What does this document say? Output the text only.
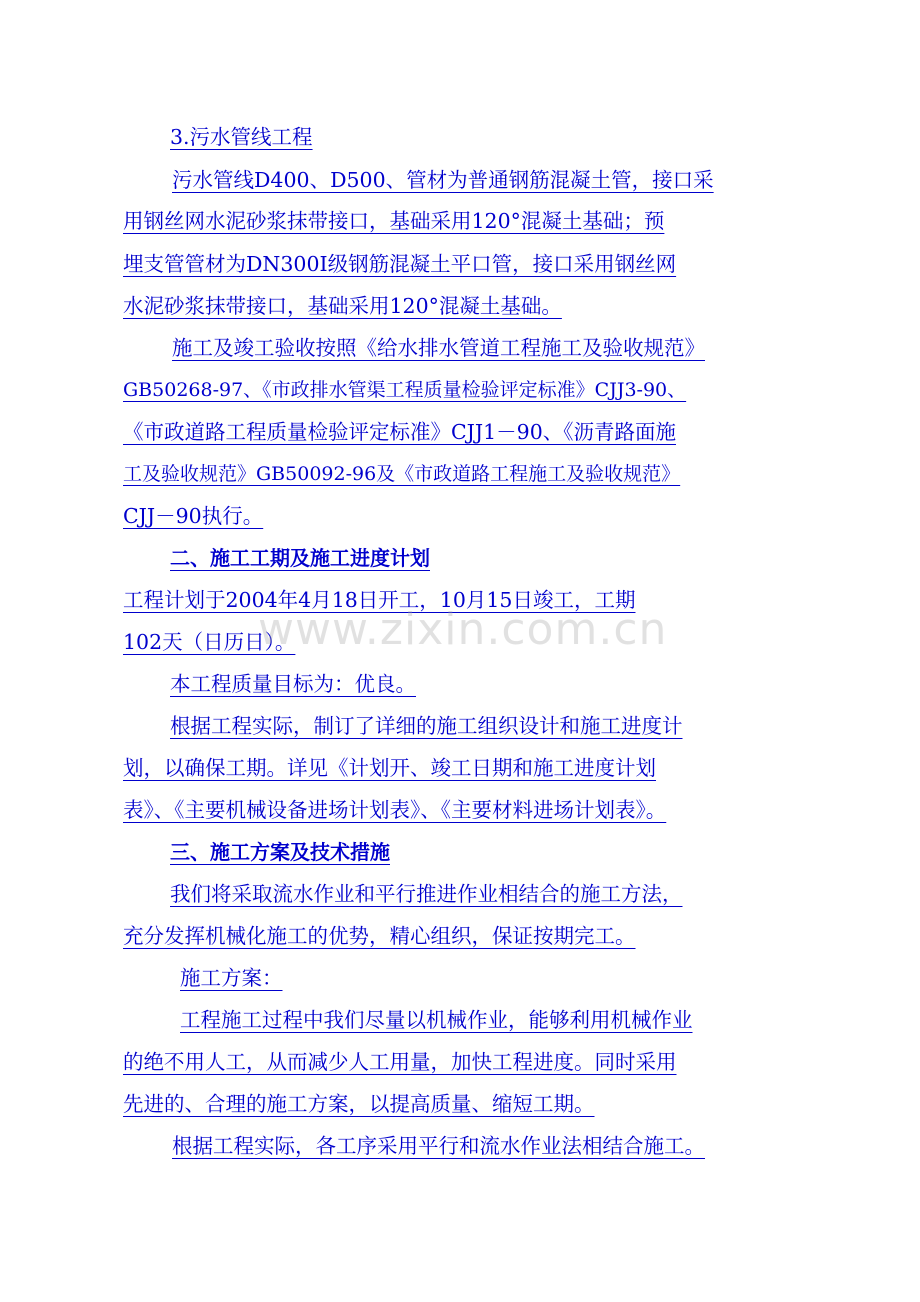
3.污水管线工程
污水管线D400、D500、管材为普通钢筋混凝土管，接口采
用钢丝网水泥砂浆抹带接口，基础采用120°混凝土基础；预
埋支管管材为DN300Ⅰ级钢筋混凝土平口管，接口采用钢丝网
水泥砂浆抹带接口，基础采用120°混凝土基础。
施工及竣工验收按照《给水排水管道工程施工及验收规范》
GB50268-97、《市政排水管渠工程质量检验评定标准》CJJ3-90、
《市政道路工程质量检验评定标准》CJJ1－90、《沥青路面施
工及验收规范》GB50092-96及《市政道路工程施工及验收规范》
CJJ－90执行。
二、施工工期及施工进度计划
工程计划于2004年4月18日开工，10月15日竣工，工期
102天（日历日）。
本工程质量目标为：优良。
根据工程实际，制订了详细的施工组织设计和施工进度计
划，以确保工期。详见《计划开、竣工日期和施工进度计划
表》、《主要机械设备进场计划表》、《主要材料进场计划表》。
三、施工方案及技术措施
我们将采取流水作业和平行推进作业相结合的施工方法，
充分发挥机械化施工的优势，精心组织，保证按期完工。
施工方案：
工程施工过程中我们尽量以机械作业，能够利用机械作业
的绝不用人工，从而减少人工用量，加快工程进度。同时采用
先进的、合理的施工方案，以提高质量、缩短工期。
根据工程实际，各工序采用平行和流水作业法相结合施工。
www.zixin.com.cn
